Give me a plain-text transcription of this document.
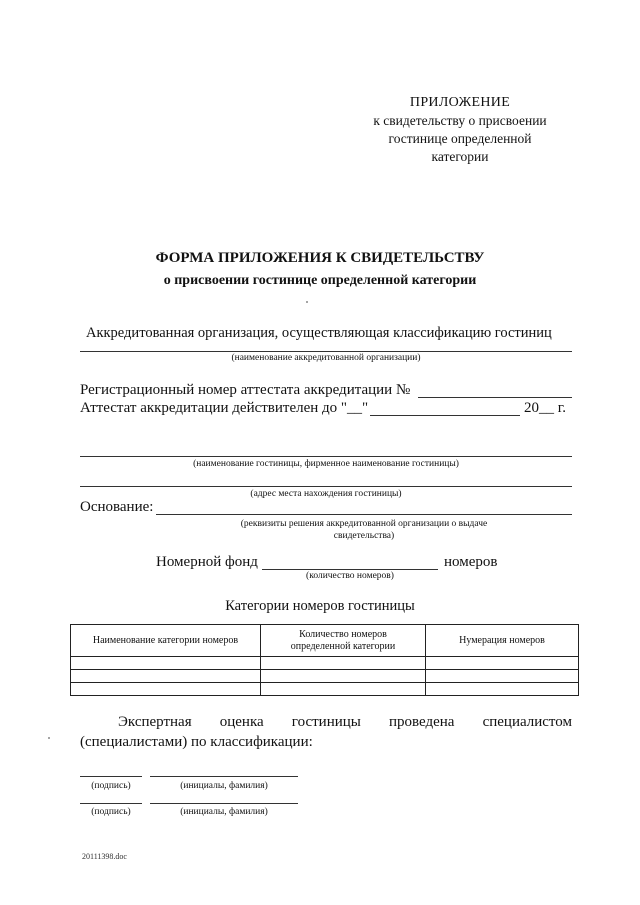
ПРИЛОЖЕНИЕ
к свидетельству о присвоении
гостинице определенной
категории
ФОРМА ПРИЛОЖЕНИЯ К СВИДЕТЕЛЬСТВУ
о присвоении гостинице определенной категории
Аккредитованная организация, осуществляющая классификацию гостиниц
(наименование аккредитованной организации)
Регистрационный номер аттестата аккредитации №
Аттестат аккредитации действителен до "__"	20__ г.
(наименование гостиницы, фирменное наименование гостиницы)
(адрес места нахождения гостиницы)
Основание:
(реквизиты решения аккредитованной организации о выдаче
свидетельства)
Номерной фонд	номеров
(количество номеров)
Категории номеров гостиницы
Наименование категории номеров	Количество номеров определенной категории	Нумерация номеров

Экспертная оценка гостиницы проведена специалистом
(специалистами) по классификации:
(подпись)	(инициалы, фамилия)
(подпись)	(инициалы, фамилия)
20111398.doc
